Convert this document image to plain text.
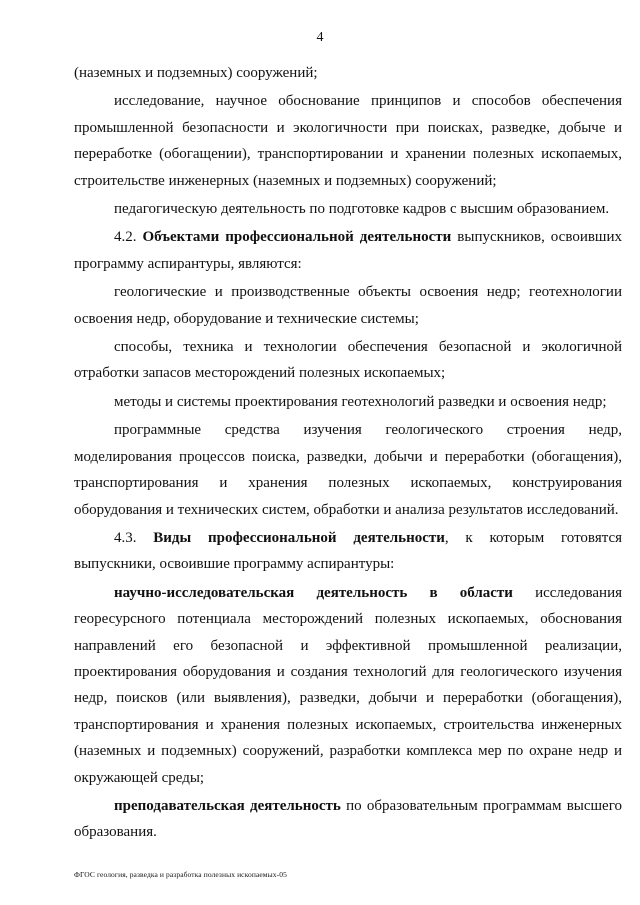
4

(наземных и подземных) сооружений;

исследование, научное обоснование принципов и способов обеспечения промышленной безопасности и экологичности при поисках, разведке, добыче и переработке (обогащении), транспортировании и хранении полезных ископаемых, строительстве инженерных (наземных и подземных) сооружений;

педагогическую деятельность по подготовке кадров с высшим образованием.

4.2. Объектами профессиональной деятельности выпускников, освоивших программу аспирантуры, являются:

геологические и производственные объекты освоения недр; геотехнологии освоения недр, оборудование и технические системы;

способы, техника и технологии обеспечения безопасной и экологичной отработки запасов месторождений полезных ископаемых;

методы и системы проектирования геотехнологий разведки и освоения недр;

программные средства изучения геологического строения недр, моделирования процессов поиска, разведки, добычи и переработки (обогащения), транспортирования и хранения полезных ископаемых, конструирования оборудования и технических систем, обработки и анализа результатов исследований.

4.3. Виды профессиональной деятельности, к которым готовятся выпускники, освоившие программу аспирантуры:

научно-исследовательская деятельность в области исследования георесурсного потенциала месторождений полезных ископаемых, обоснования направлений его безопасной и эффективной промышленной реализации, проектирования оборудования и создания технологий для геологического изучения недр, поисков (или выявления), разведки, добычи и переработки (обогащения), транспортирования и хранения полезных ископаемых, строительства инженерных (наземных и подземных) сооружений, разработки комплекса мер по охране недр и окружающей среды;

преподавательская деятельность по образовательным программам высшего образования.

ФГОС геология, разведка и разработка полезных ископаемых-05
